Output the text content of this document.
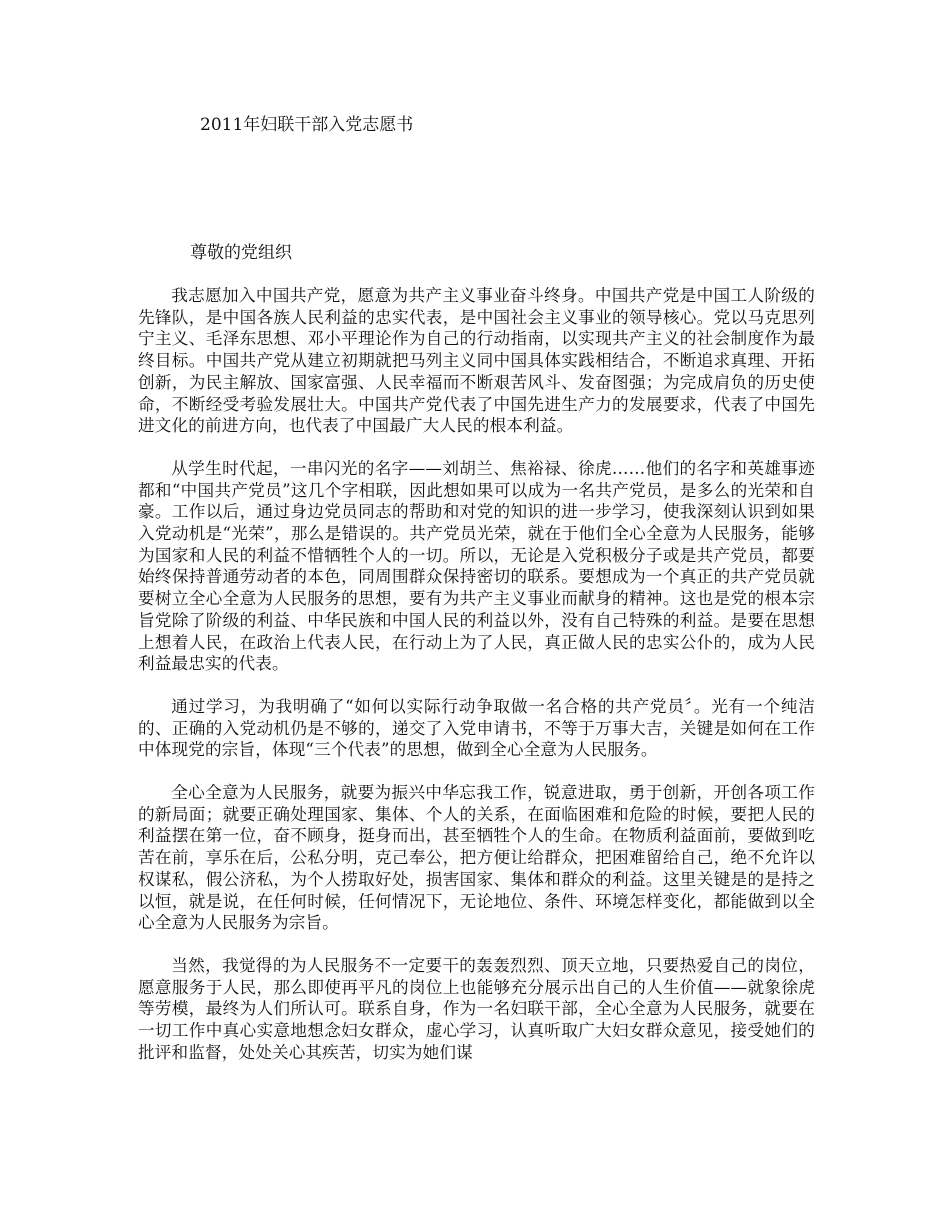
2011年妇联干部入党志愿书
尊敬的党组织

我志愿加入中国共产党，愿意为共产主义事业奋斗终身。中国共产党是中国工人阶级的先锋队，是中国各族人民利益的忠实代表，是中国社会主义事业的领导核心。党以马克思列宁主义、毛泽东思想、邓小平理论作为自己的行动指南，以实现共产主义的社会制度作为最终目标。中国共产党从建立初期就把马列主义同中国具体实践相结合，不断追求真理、开拓创新，为民主解放、国家富强、人民幸福而不断艰苦风斗、发奋图强；为完成肩负的历史使命，不断经受考验发展壮大。中国共产党代表了中国先进生产力的发展要求，代表了中国先进文化的前进方向，也代表了中国最广大人民的根本利益。

从学生时代起，一串闪光的名字——刘胡兰、焦裕禄、徐虎……他们的名字和英雄事迹都和“中国共产党员”这几个字相联，因此想如果可以成为一名共产党员，是多么的光荣和自豪。工作以后，通过身边党员同志的帮助和对党的知识的进一步学习，使我深刻认识到如果入党动机是“光荣”，那么是错误的。共产党员光荣，就在于他们全心全意为人民服务，能够为国家和人民的利益不惜牺牲个人的一切。所以，无论是入党积极分子或是共产党员，都要始终保持普通劳动者的本色，同周围群众保持密切的联系。要想成为一个真正的共产党员就要树立全心全意为人民服务的思想，要有为共产主义事业而献身的精神。这也是党的根本宗旨党除了阶级的利益、中华民族和中国人民的利益以外，没有自己特殊的利益。是要在思想上想着人民，在政治上代表人民，在行动上为了人民，真正做人民的忠实公仆的，成为人民利益最忠实的代表。

通过学习，为我明确了“如何以实际行动争取做一名合格的共产党员〞。光有一个纯洁的、正确的入党动机仍是不够的，递交了入党申请书，不等于万事大吉，关键是如何在工作中体现党的宗旨，体现“三个代表”的思想，做到全心全意为人民服务。

全心全意为人民服务，就要为振兴中华忘我工作，锐意进取，勇于创新，开创各项工作的新局面；就要正确处理国家、集体、个人的关系，在面临困难和危险的时候，要把人民的利益摆在第一位，奋不顾身，挺身而出，甚至牺牲个人的生命。在物质利益面前，要做到吃苦在前，享乐在后，公私分明，克己奉公，把方便让给群众，把困难留给自己，绝不允许以权谋私，假公济私，为个人捞取好处，损害国家、集体和群众的利益。这里关键是的是持之以恒，就是说，在任何时候，任何情况下，无论地位、条件、环境怎样变化，都能做到以全心全意为人民服务为宗旨。

当然，我觉得的为人民服务不一定要干的轰轰烈烈、顶天立地，只要热爱自己的岗位，愿意服务于人民，那么即使再平凡的岗位上也能够充分展示出自己的人生价值——就象徐虎等劳模，最终为人们所认可。联系自身，作为一名妇联干部，全心全意为人民服务，就要在一切工作中真心实意地想念妇女群众，虚心学习，认真听取广大妇女群众意见，接受她们的批评和监督，处处关心其疾苦，切实为她们谋
